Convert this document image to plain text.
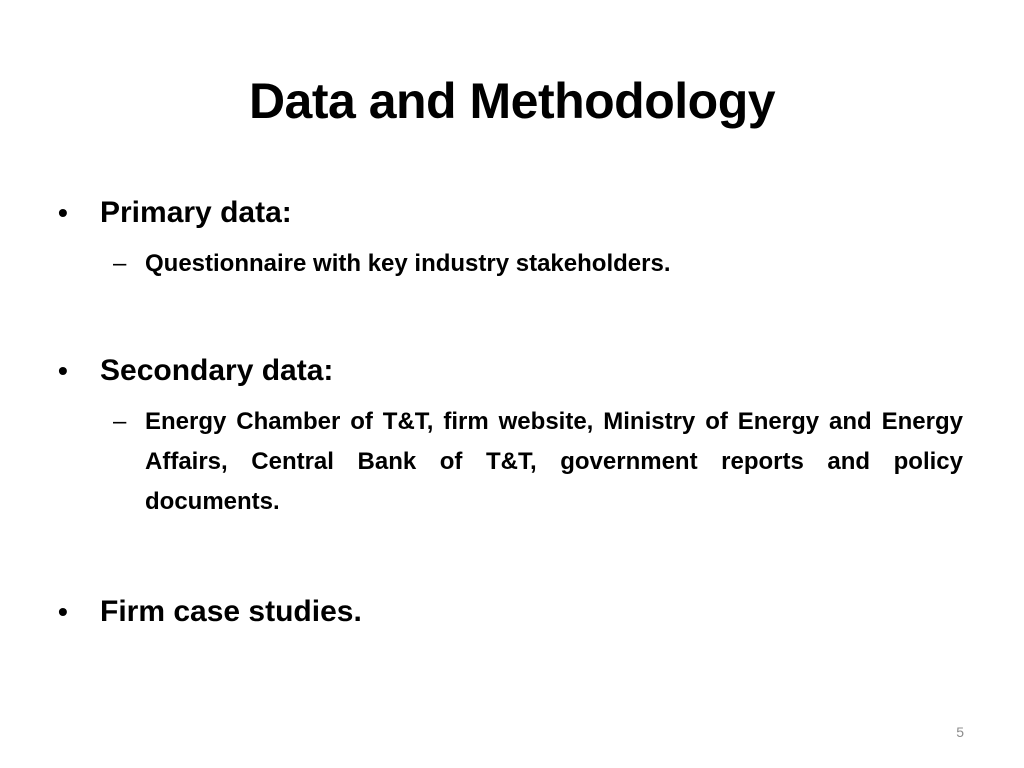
Data and Methodology
•	Primary data:
– Questionnaire with key industry stakeholders.
•	Secondary data:
– Energy Chamber of T&T, firm website, Ministry of Energy and Energy Affairs, Central Bank of T&T, government reports and policy documents.
•	Firm case studies.
5
